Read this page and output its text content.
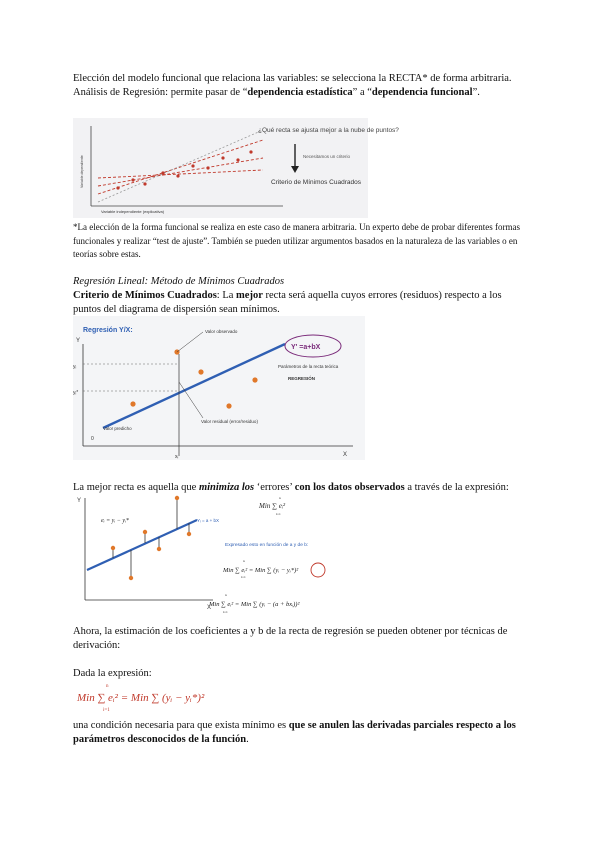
Elección del modelo funcional que relaciona las variables: se selecciona la RECTA* de forma arbitraria. Análisis de Regresión: permite pasar de “dependencia estadística” a “dependencia funcional”.
Variable dependiente
Variable independiente (explicativa)
¿Qué recta se ajusta mejor a la nube de puntos?
Necesitamos un criterio
Criterio de Mínimos Cuadrados
*La elección de la forma funcional se realiza en este caso de manera arbitraria. Un experto debe de probar diferentes formas funcionales y realizar “test de ajuste”. También se pueden utilizar argumentos basados en la naturaleza de las variables o en teorías sobre estas.
Regresión Lineal: Método de Mínimos Cuadrados
Criterio de Mínimos Cuadrados: La mejor recta será aquella cuyos errores (residuos) respecto a los puntos del diagrama de dispersión sean mínimos.
Regresión Y/X:
Y
X
0
yᵢ
yᵢ*
xᵢ
Valor observado
Y' =a+bX
Parámetros de la recta teórica
REGRESIÓN
Valor residual (error/residuo)
Valor predicho
La mejor recta es aquella que minimiza los ‘errores’ con los datos observados a través de la expresión:
Y
X
Yᵢ = a + bX
eᵢ = yᵢ − yᵢ*
Min ∑ eᵢ²
n
i=1
Expresado esto en función de a y de b:
Min ∑ eᵢ² = Min ∑ (yᵢ − yᵢ*)²
n
i=1
Min ∑ eᵢ² = Min ∑ (yᵢ − (a + bxᵢ))²
n
i=1
Ahora, la estimación de los coeficientes a y b de la recta de regresión se pueden obtener por técnicas de derivación:
Dada la expresión:
Min ∑ eᵢ² = Min ∑ (yᵢ − yᵢ*)²
n
i=1
una condición necesaria para que exista mínimo es que se anulen las derivadas parciales respecto a los parámetros desconocidos de la función.
